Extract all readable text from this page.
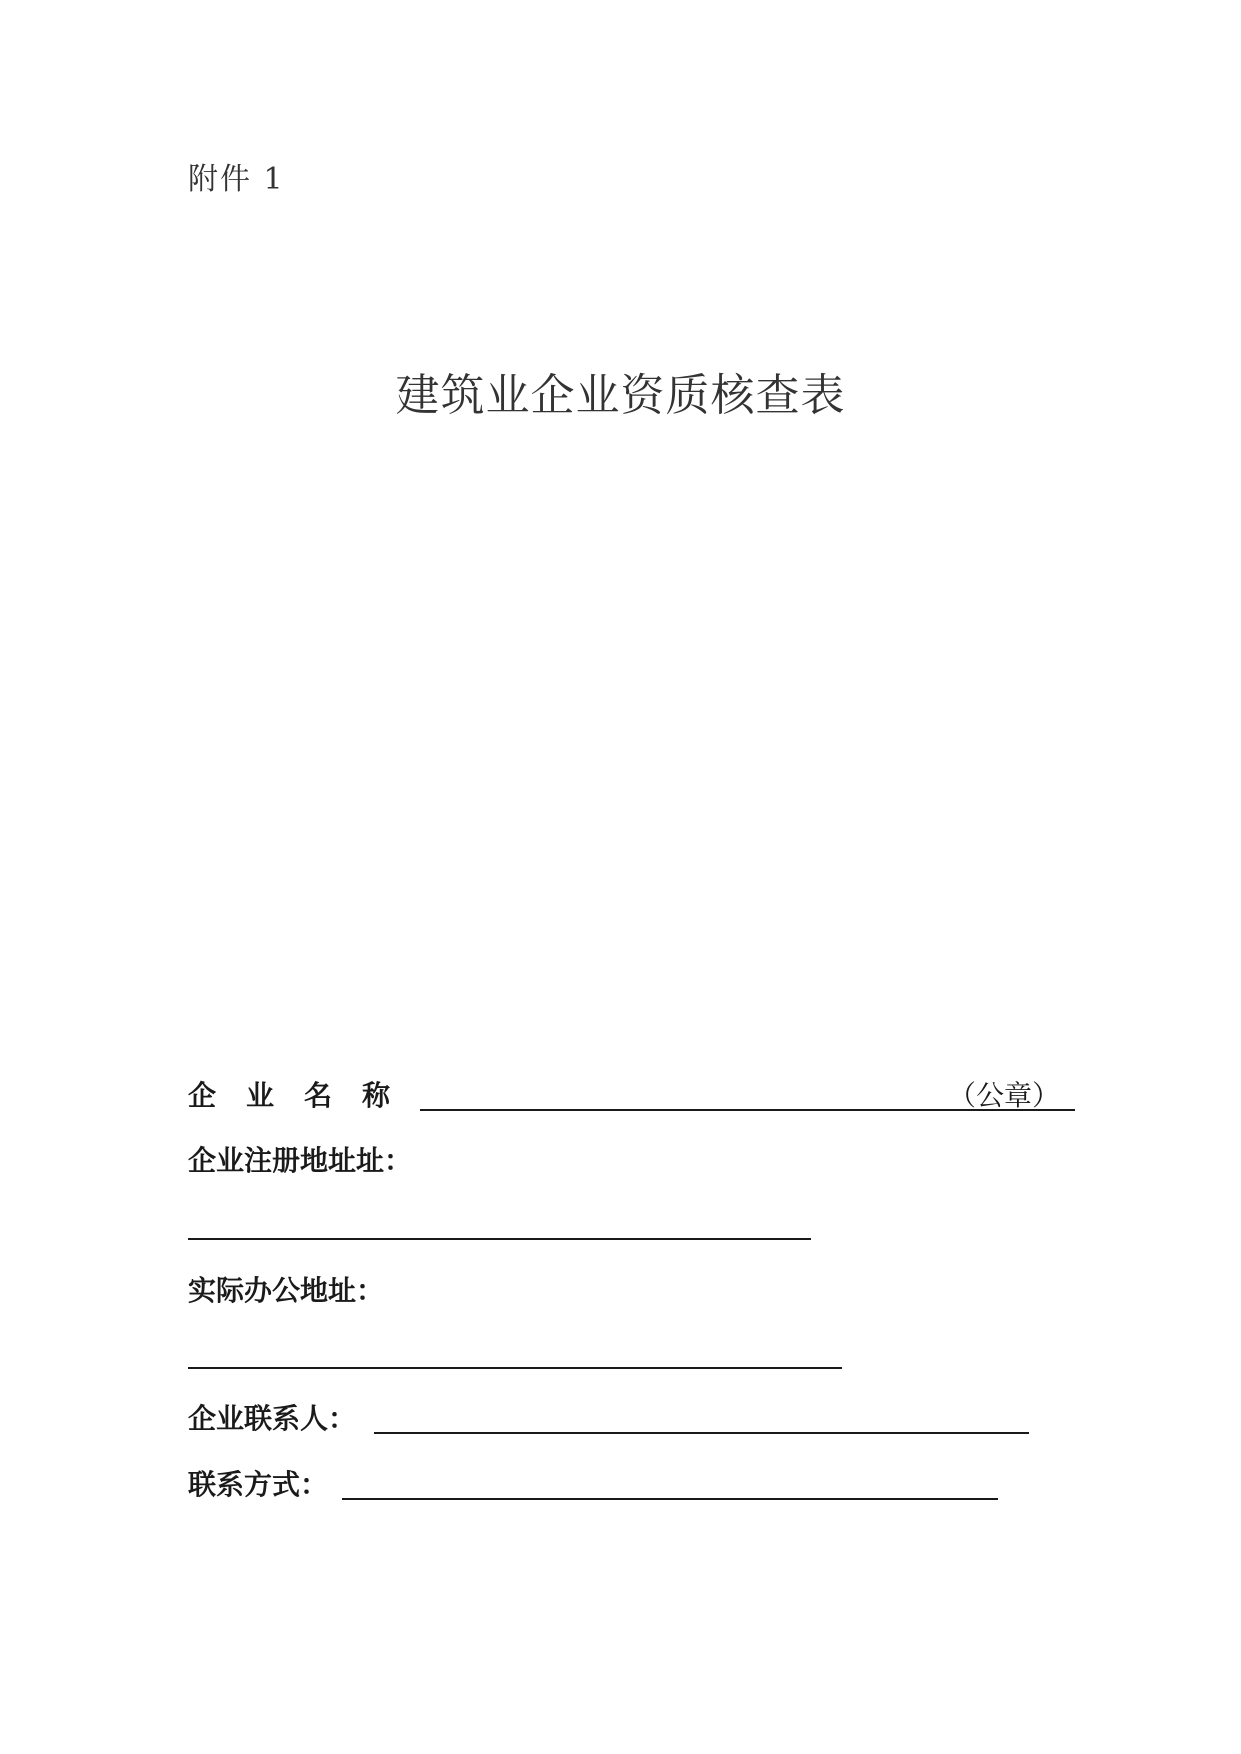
附件 1
建筑业企业资质核查表
企业名称	（公章）
企业注册地址址：
实际办公地址：
企业联系人：
联系方式：
